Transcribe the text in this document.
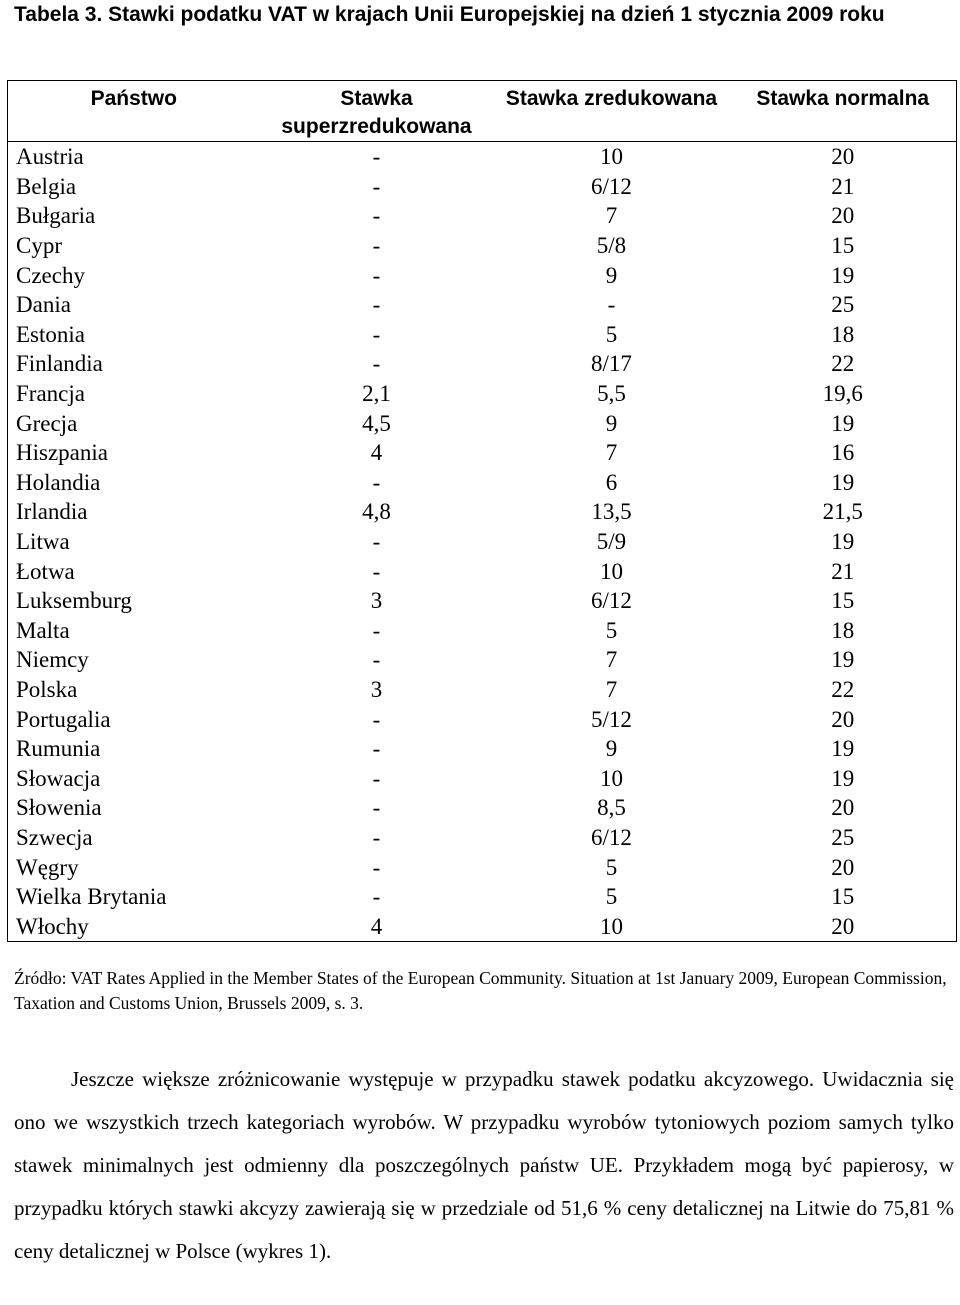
Tabela 3. Stawki podatku VAT w krajach Unii Europejskiej na dzień 1 stycznia 2009 roku
Państwo	Stawka superzredukowana	Stawka zredukowana	Stawka normalna
Austria	-	10	20
Belgia	-	6/12	21
Bułgaria	-	7	20
Cypr	-	5/8	15
Czechy	-	9	19
Dania	-	-	25
Estonia	-	5	18
Finlandia	-	8/17	22
Francja	2,1	5,5	19,6
Grecja	4,5	9	19
Hiszpania	4	7	16
Holandia	-	6	19
Irlandia	4,8	13,5	21,5
Litwa	-	5/9	19
Łotwa	-	10	21
Luksemburg	3	6/12	15
Malta	-	5	18
Niemcy	-	7	19
Polska	3	7	22
Portugalia	-	5/12	20
Rumunia	-	9	19
Słowacja	-	10	19
Słowenia	-	8,5	20
Szwecja	-	6/12	25
Węgry	-	5	20
Wielka Brytania	-	5	15
Włochy	4	10	20
Źródło: VAT Rates Applied in the Member States of the European Community. Situation at 1st January 2009, European Commission, Taxation and Customs Union, Brussels 2009, s. 3.

Jeszcze większe zróżnicowanie występuje w przypadku stawek podatku akcyzowego. Uwidacznia się ono we wszystkich trzech kategoriach wyrobów. W przypadku wyrobów tytoniowych poziom samych tylko stawek minimalnych jest odmienny dla poszczególnych państw UE. Przykładem mogą być papierosy, w przypadku których stawki akcyzy zawierają się w przedziale od 51,6 % ceny detalicznej na Litwie do 75,81 % ceny detalicznej w Polsce (wykres 1).
